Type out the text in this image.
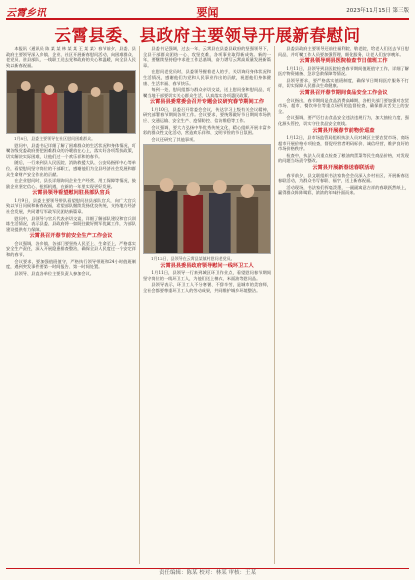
云霄乡讯	要闻	2023年11月15日 第三版
云霄县委、县政府主要领导开展新春慰问

本报讯（通讯员 陈 某 某 林 某 某 王 某 某）春节前夕，县委、县政府主要领导深入乡镇、企业、社区开展新春慰问活动，向困难群众、老党员、驻县部队、一线职工送去党和政府的关心和温暖，向全县人民致以新春祝福。

1月8日，县委主要领导在社区慰问困难群众。

慰问中，县委书记详细了解了困难群众的生活状况和身体情况，叮嘱各级党委政府要把困难群众的冷暖放在心上，落实好各项帮扶政策，切实解决实际困难，让他们过一个欢乐祥和的春节。

随后，一行来到县人民医院、消防救援大队、公安局指挥中心等单位，看望慰问坚守岗位的干部职工，感谢他们为全县经济社会发展和群众生命财产安全作出的贡献。

在企业慰问时，县长详细询问企业生产经营、用工保障等情况，鼓励企业坚定信心、抢抓机遇，在新的一年里实现更好发展。

云霄县领导看望慰问驻县部队官兵

1月9日，县委主要领导带队看望慰问驻县部队官兵，向广大官兵致以节日问候和新春祝福，希望部队继续发扬优良传统，支持地方经济社会发展，共同谱写军政军民团结新篇章。

慰问中，县领导与官兵代表亲切交谈，详细了解部队建设和官兵训练生活情况，表示县委、县政府将一如既往做好拥军优属工作，为部队建设提供有力保障。

云霄县召开春节前安全生产工作会议

会议强调，各乡镇、各部门要坚持人民至上、生命至上，严格落实安全生产责任，深入开展隐患排查整治，确保全县人民度过一个安定祥和的春节。

会议要求，要加强值班值守，严格执行领导带班和24小时值班制度，遇到突发事件要第一时间报告、第一时间处置。

县领导、县直各单位主要负责人参加会议。

县委书记强调，过去一年，云霄县在县委县政府的坚强领导下，全县干部群众团结一心、攻坚克难，各项事业取得新成效。新的一年，要继续坚持稳中求进工作总基调，奋力谱写云霄高质量发展新篇章。

在慰问老党员时，县委领导握着老人的手，关切询问身体状况和生活情况，感谢他们为党和人民事业作出的贡献，祝愿他们身体健康、生活幸福、春节快乐。

每到一处，慰问组都与群众亲切交谈，送上慰问金和慰问品，叮嘱当地干部要切实关心群众生活，认真落实各项惠民政策。

云霄县县委常委会召开专题会议研究春节期间工作

1月10日，县委召开常委会会议，传达学习上级有关会议精神，研究部署春节期间各项工作。会议要求，要统筹做好节日期间市场供应、交通运输、安全生产、疫情防控、信访维稳等工作。

会议强调，要大力弘扬中华优秀传统文化，精心组织开展丰富多彩的群众性文化活动，营造欢乐祥和、文明节俭的节日氛围。

会议还研究了其他事项。

1月12日，县领导在云霄县某镇村慰问老党员。

云霄县县委县政府领导慰问一线环卫工人

1月11日，县领导一行来到城区环卫作业点，看望慰问春节期间坚守岗位的一线环卫工人，为他们送上棉衣、米面油等慰问品。

县领导表示，环卫工人不分寒暑、不辞辛劳，是城市的美容师，全社会都要尊重环卫工人的劳动成果，共同维护城乡环境整洁。

县委县政府主要领导还前往福利院、敬老院，给老人们送去节日慰问品，并叮嘱工作人员要加强管理，细化服务，让老人们安享晚年。

云霄县领导到县医院检查节日值班工作

1月11日，县领导到县医院检查春节期间值班值守工作，详细了解医疗物资储备、急诊急救保障等情况。

县领导要求，要严格落实值班制度，确保节日期间医疗服务不打烊，切实保障人民群众生命健康。

云霄县召开春节期间食品安全工作会议

会议指出，春节期间是食品消费高峰期，各相关部门要加强对农贸市场、超市、餐饮单位等重点场所的监督检查，确保群众舌尖上的安全。

会议强调，要严厉打击食品安全违法违规行为，加大抽检力度，强化源头管控，切实守住食品安全底线。

云霄县开展春节前物价巡查

1月12日，县市场监管局组织执法人员对城区主要农贸市场、商场超市开展价格专项检查，督促经营者明码标价、诚信经营，维护良好的市场价格秩序。

检查中，执法人员重点检查了粮油肉蛋菜等民生商品价格，对发现的问题当场责令整改。

云霄县开展新春送春联活动

春节前夕，县文联组织书法家协会会员深入乡村社区，开展新春送春联活动，为群众书写春联、福字，送上新春祝福。

活动现场，书法家们挥毫泼墨，一副副寓意吉祥的春联跃然纸上，赢得群众阵阵喝彩，浓浓的年味扑面而来。

责任编辑：陈某 校对：林某 审核：王某
